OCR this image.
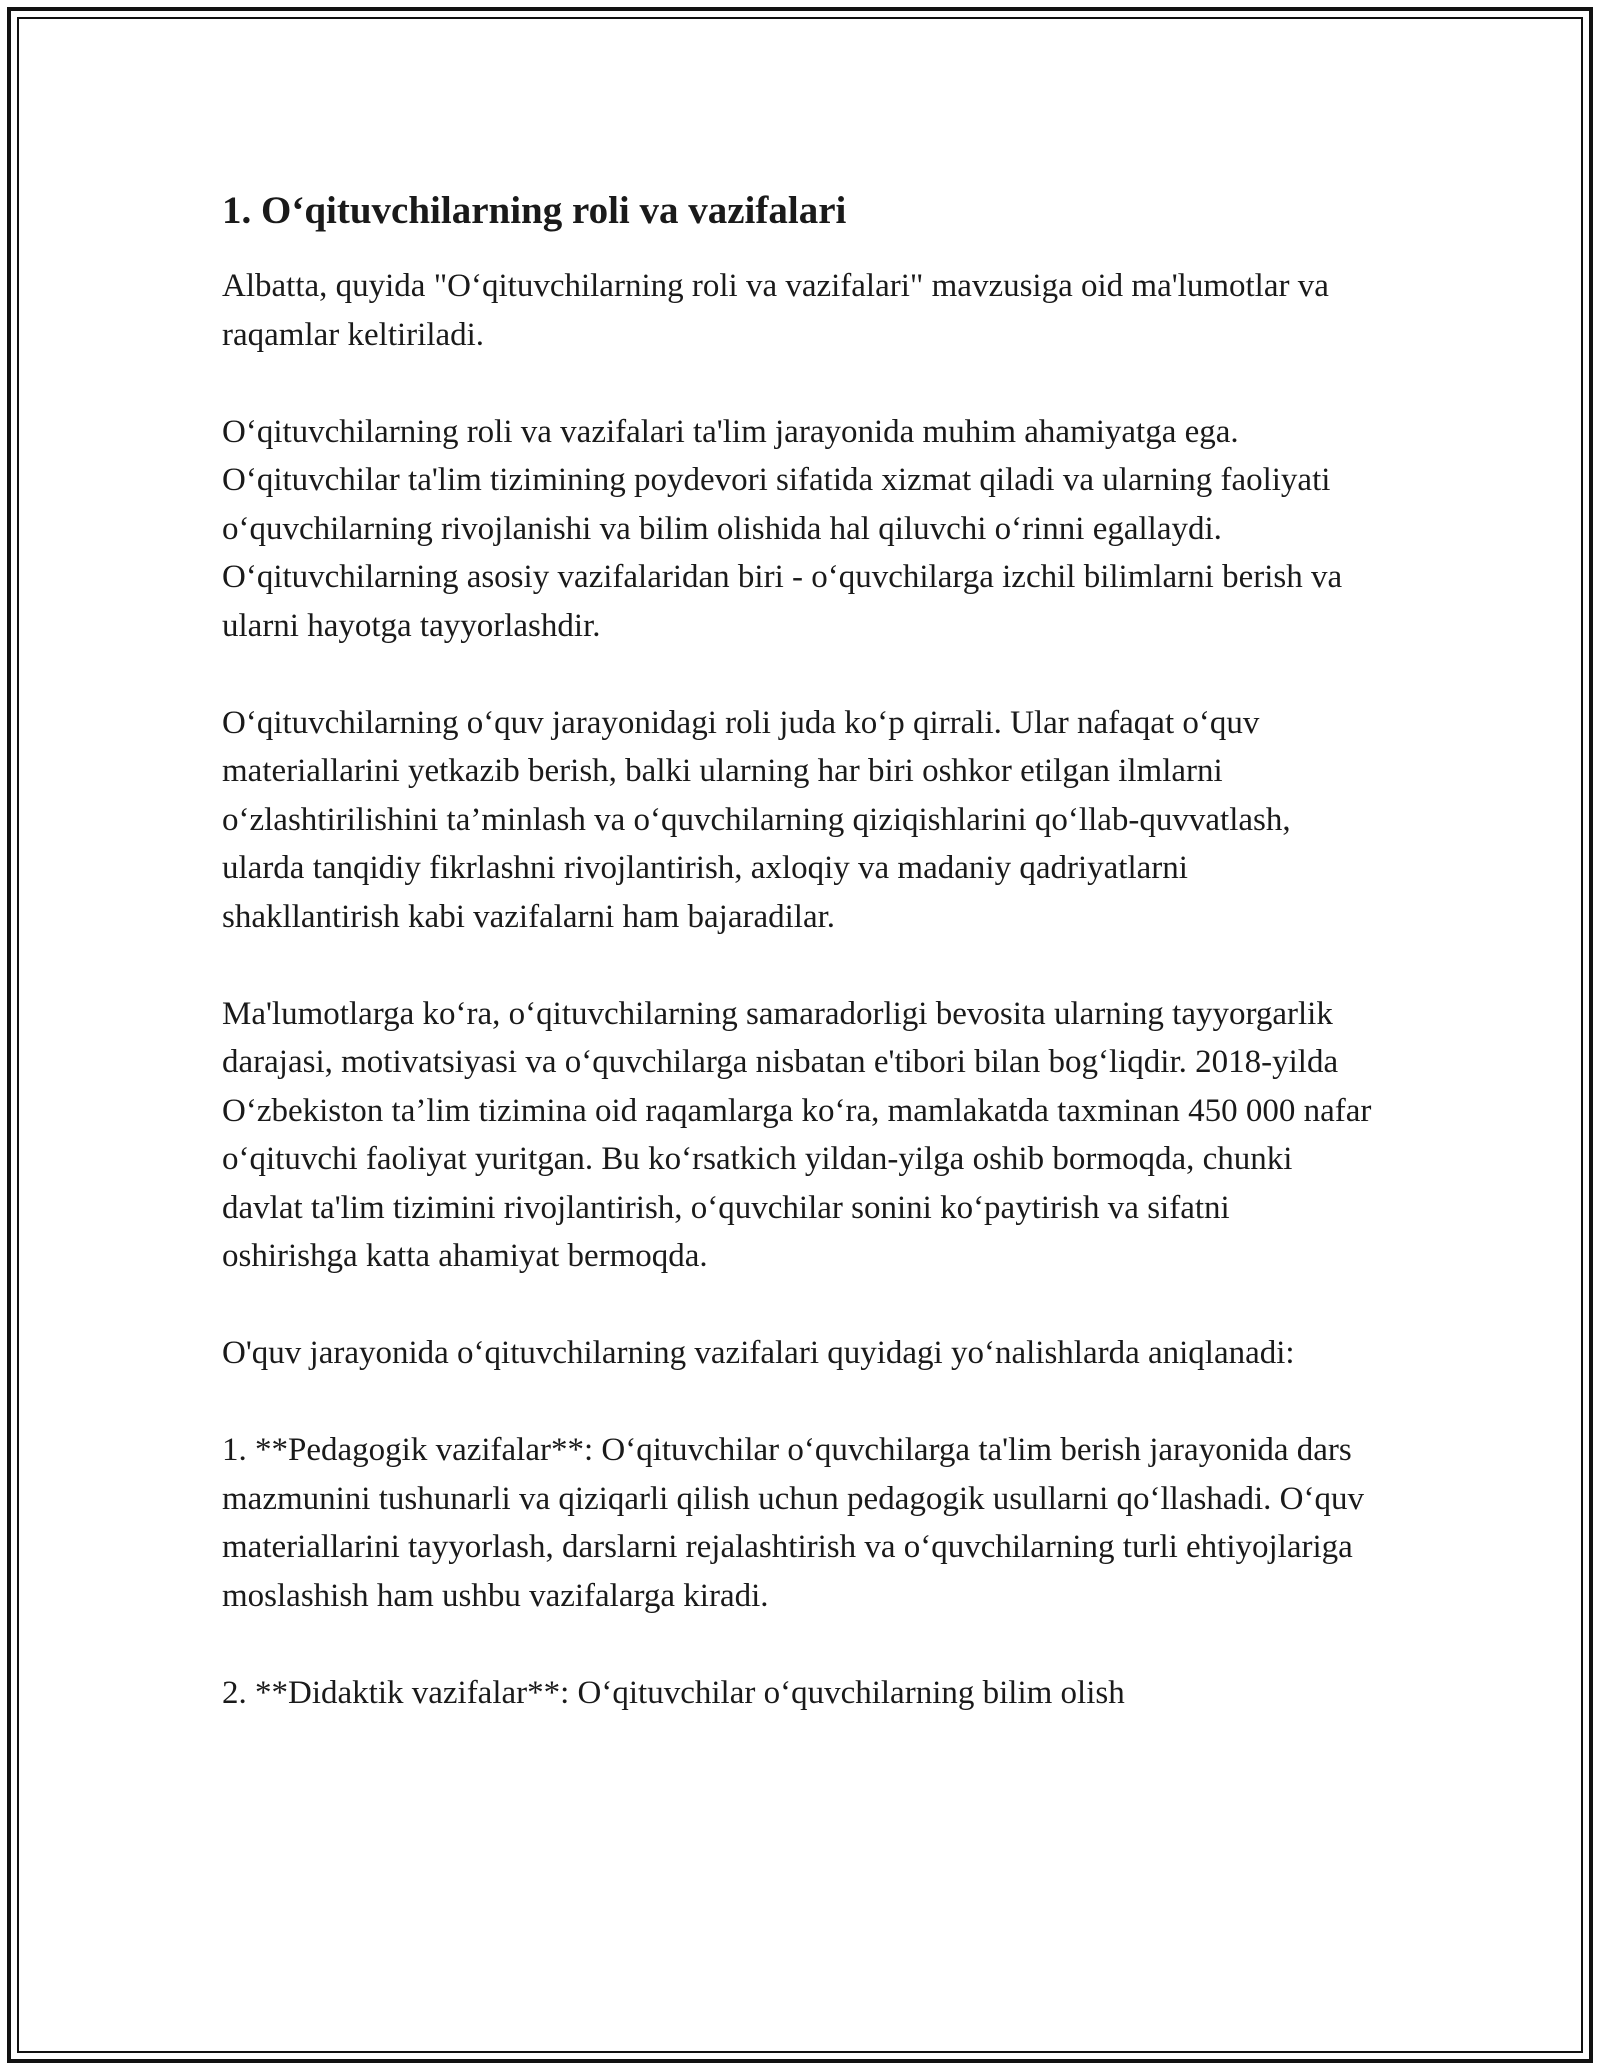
1. Oʻqituvchilarning roli va vazifalari

Albatta, quyida "Oʻqituvchilarning roli va vazifalari" mavzusiga oid ma'lumotlar va raqamlar keltiriladi.

Oʻqituvchilarning roli va vazifalari ta'lim jarayonida muhim ahamiyatga ega. Oʻqituvchilar ta'lim tizimining poydevori sifatida xizmat qiladi va ularning faoliyati oʻquvchilarning rivojlanishi va bilim olishida hal qiluvchi oʻrinni egallaydi. Oʻqituvchilarning asosiy vazifalaridan biri - oʻquvchilarga izchil bilimlarni berish va ularni hayotga tayyorlashdir.

Oʻqituvchilarning oʻquv jarayonidagi roli juda koʻp qirrali. Ular nafaqat oʻquv materiallarini yetkazib berish, balki ularning har biri oshkor etilgan ilmlarni oʻzlashtirilishini ta’minlash va oʻquvchilarning qiziqishlarini qoʻllab-quvvatlash, ularda tanqidiy fikrlashni rivojlantirish, axloqiy va madaniy qadriyatlarni shakllantirish kabi vazifalarni ham bajaradilar.

Ma'lumotlarga koʻra, oʻqituvchilarning samaradorligi bevosita ularning tayyorgarlik darajasi, motivatsiyasi va oʻquvchilarga nisbatan e'tibori bilan bogʻliqdir. 2018-yilda Oʻzbekiston ta’lim tizimina oid raqamlarga koʻra, mamlakatda taxminan 450 000 nafar oʻqituvchi faoliyat yuritgan. Bu koʻrsatkich yildan-yilga oshib bormoqda, chunki davlat ta'lim tizimini rivojlantirish, oʻquvchilar sonini koʻpaytirish va sifatni oshirishga katta ahamiyat bermoqda.

O'quv jarayonida oʻqituvchilarning vazifalari quyidagi yoʻnalishlarda aniqlanadi:

1. **Pedagogik vazifalar**: Oʻqituvchilar oʻquvchilarga ta'lim berish jarayonida dars mazmunini tushunarli va qiziqarli qilish uchun pedagogik usullarni qoʻllashadi. Oʻquv materiallarini tayyorlash, darslarni rejalashtirish va oʻquvchilarning turli ehtiyojlariga moslashish ham ushbu vazifalarga kiradi.

2. **Didaktik vazifalar**: Oʻqituvchilar oʻquvchilarning bilim olish
